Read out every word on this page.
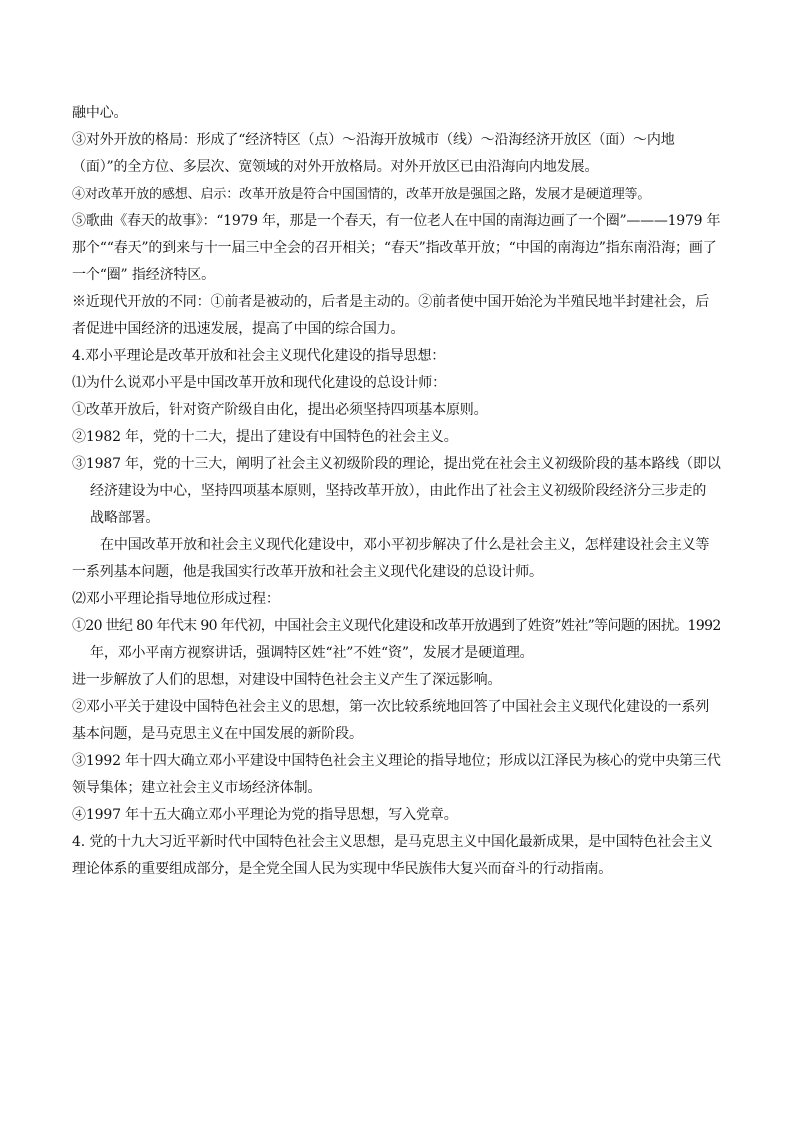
融中心。

③对外开放的格局：形成了“经济特区（点）～沿海开放城市（线）～沿海经济开放区（面）～内地

（面）”的全方位、多层次、宽领域的对外开放格局。对外开放区已由沿海向内地发展。

④对改革开放的感想、启示：改革开放是符合中国国情的，改革开放是强国之路，发展才是硬道理等。

⑤歌曲《春天的故事》：“1979 年，那是一个春天，有一位老人在中国的南海边画了一个圈”———1979 年

那个““春天”的到来与十一届三中全会的召开相关；“春天”指改革开放；“中国的南海边”指东南沿海；画了

一个“圈” 指经济特区。

※近现代开放的不同：①前者是被动的，后者是主动的。②前者使中国开始沦为半殖民地半封建社会，后

者促进中国经济的迅速发展，提高了中国的综合国力。

4.邓小平理论是改革开放和社会主义现代化建设的指导思想：

⑴为什么说邓小平是中国改革开放和现代化建设的总设计师：

①改革开放后，针对资产阶级自由化，提出必须坚持四项基本原则。

②1982 年，党的十二大，提出了建设有中国特色的社会主义。

③1987 年，党的十三大，阐明了社会主义初级阶段的理论，提出党在社会主义初级阶段的基本路线（即以

经济建设为中心，坚持四项基本原则，坚持改革开放），由此作出了社会主义初级阶段经济分三步走的

战略部署。

在中国改革开放和社会主义现代化建设中，邓小平初步解决了什么是社会主义，怎样建设社会主义等

一系列基本问题，他是我国实行改革开放和社会主义现代化建设的总设计师。

⑵邓小平理论指导地位形成过程：

①20 世纪 80 年代末 90 年代初，中国社会主义现代化建设和改革开放遇到了姓资”姓社”等问题的困扰。1992

年，邓小平南方视察讲话，强调特区姓“社”不姓“资”，发展才是硬道理。

进一步解放了人们的思想，对建设中国特色社会主义产生了深远影响。

②邓小平关于建设中国特色社会主义的思想，第一次比较系统地回答了中国社会主义现代化建设的一系列

基本问题，是马克思主义在中国发展的新阶段。

③1992 年十四大确立邓小平建设中国特色社会主义理论的指导地位；形成以江泽民为核心的党中央第三代

领导集体；建立社会主义市场经济体制。

④1997 年十五大确立邓小平理论为党的指导思想，写入党章。

4. 党的十九大习近平新时代中国特色社会主义思想，是马克思主义中国化最新成果，是中国特色社会主义

理论体系的重要组成部分，是全党全国人民为实现中华民族伟大复兴而奋斗的行动指南。
